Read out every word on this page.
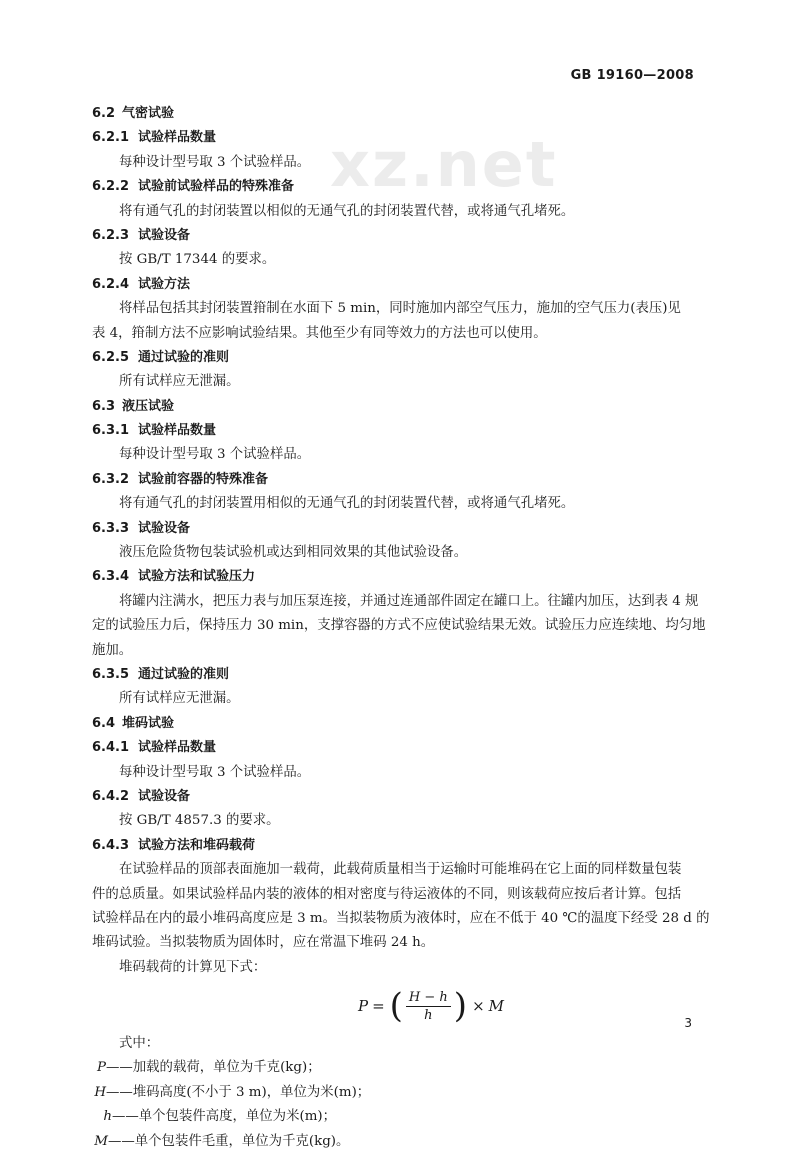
GB 19160—2008
xz.net
6.2 气密试验
6.2.1 试验样品数量
每种设计型号取 3 个试验样品。
6.2.2 试验前试验样品的特殊准备
将有通气孔的封闭装置以相似的无通气孔的封闭装置代替，或将通气孔堵死。
6.2.3 试验设备
按 GB/T 17344 的要求。
6.2.4 试验方法
将样品包括其封闭装置箝制在水面下 5 min，同时施加内部空气压力，施加的空气压力(表压)见
表 4，箝制方法不应影响试验结果。其他至少有同等效力的方法也可以使用。
6.2.5 通过试验的准则
所有试样应无泄漏。
6.3 液压试验
6.3.1 试验样品数量
每种设计型号取 3 个试验样品。
6.3.2 试验前容器的特殊准备
将有通气孔的封闭装置用相似的无通气孔的封闭装置代替，或将通气孔堵死。
6.3.3 试验设备
液压危险货物包装试验机或达到相同效果的其他试验设备。
6.3.4 试验方法和试验压力
将罐内注满水，把压力表与加压泵连接，并通过连通部件固定在罐口上。往罐内加压，达到表 4 规
定的试验压力后，保持压力 30 min，支撑容器的方式不应使试验结果无效。试验压力应连续地、均匀地
施加。
6.3.5 通过试验的准则
所有试样应无泄漏。
6.4 堆码试验
6.4.1 试验样品数量
每种设计型号取 3 个试验样品。
6.4.2 试验设备
按 GB/T 4857.3 的要求。
6.4.3 试验方法和堆码载荷
在试验样品的顶部表面施加一载荷，此载荷质量相当于运输时可能堆码在它上面的同样数量包装
件的总质量。如果试验样品内装的液体的相对密度与待运液体的不同，则该载荷应按后者计算。包括
试验样品在内的最小堆码高度应是 3 m。当拟装物质为液体时，应在不低于 40 ℃的温度下经受 28 d 的
堆码试验。当拟装物质为固体时，应在常温下堆码 24 h。
堆码载荷的计算见下式：
P = ( $\frac{H - h}{h}$ ) × M
式中：
P——加载的载荷，单位为千克(kg)；
H——堆码高度(不小于 3 m)，单位为米(m)；
h——单个包装件高度，单位为米(m)；
M——单个包装件毛重，单位为千克(kg)。
3
